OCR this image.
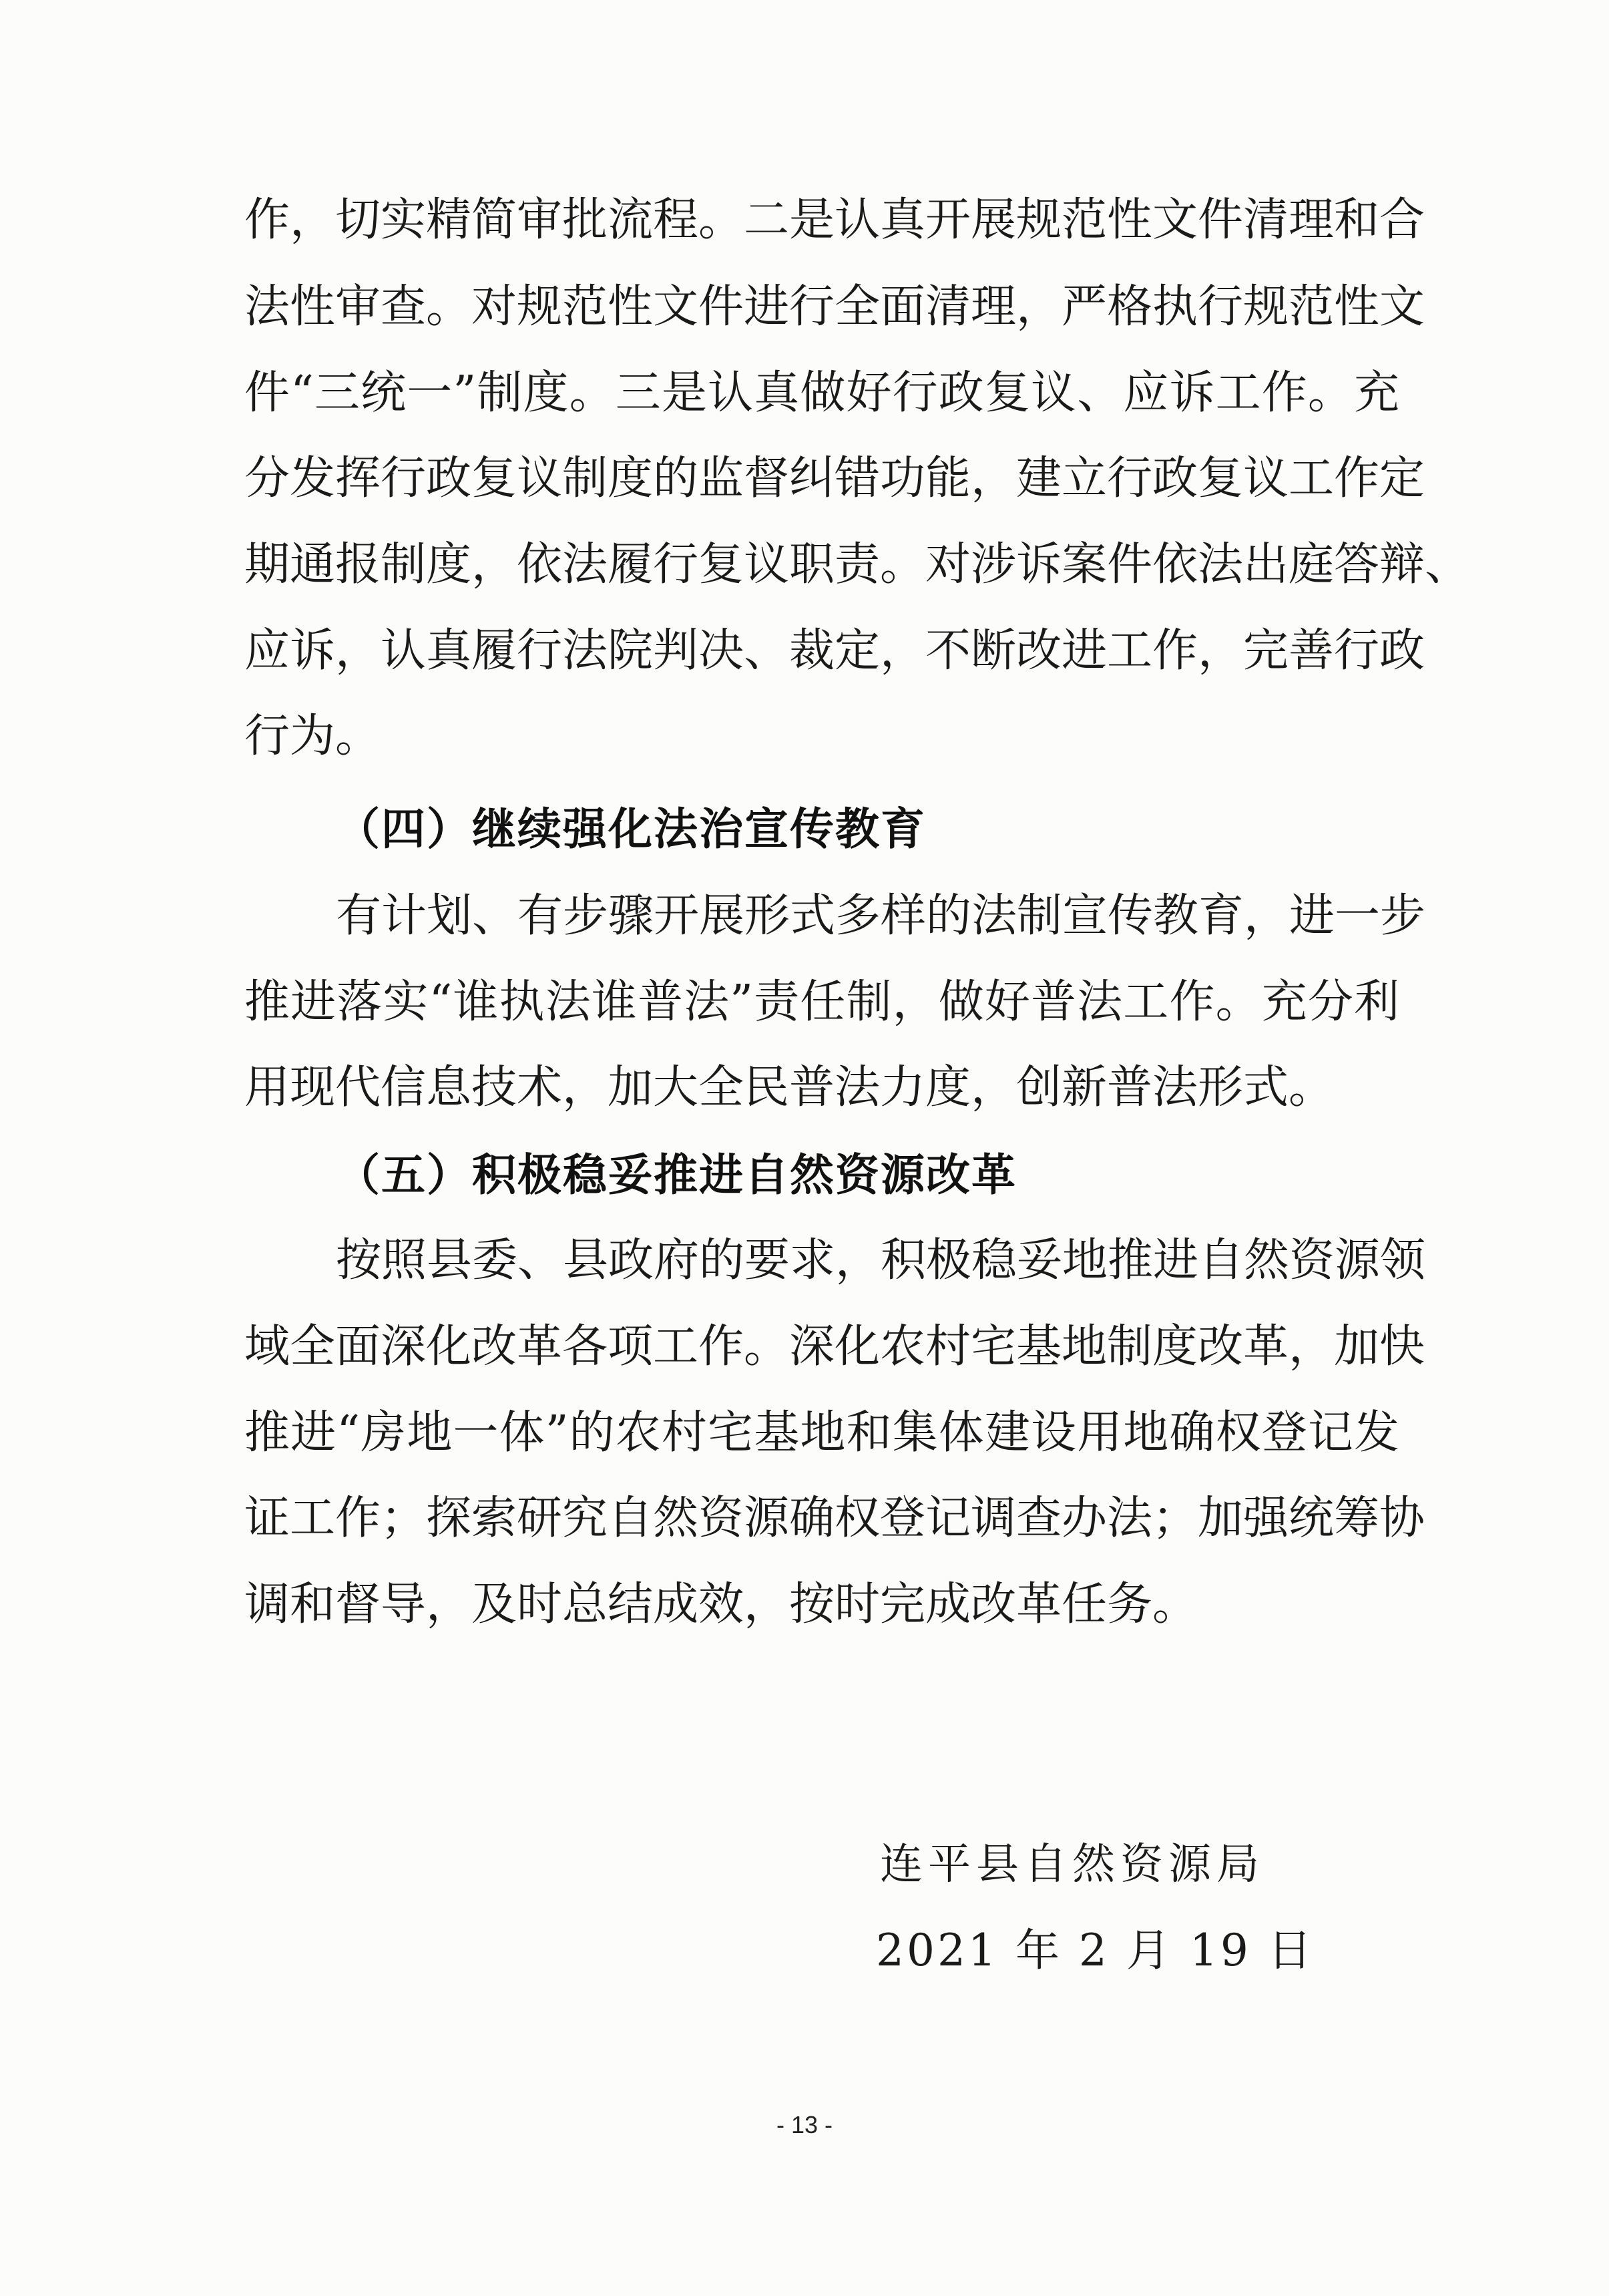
作，切实精简审批流程。二是认真开展规范性文件清理和合
法性审查。对规范性文件进行全面清理，严格执行规范性文
件“三统一”制度。三是认真做好行政复议、应诉工作。充
分发挥行政复议制度的监督纠错功能，建立行政复议工作定
期通报制度，依法履行复议职责。对涉诉案件依法出庭答辩、
应诉，认真履行法院判决、裁定，不断改进工作，完善行政
行为。
（四）继续强化法治宣传教育
有计划、有步骤开展形式多样的法制宣传教育，进一步
推进落实“谁执法谁普法”责任制，做好普法工作。充分利
用现代信息技术，加大全民普法力度，创新普法形式。
（五）积极稳妥推进自然资源改革
按照县委、县政府的要求，积极稳妥地推进自然资源领
域全面深化改革各项工作。深化农村宅基地制度改革，加快
推进“房地一体”的农村宅基地和集体建设用地确权登记发
证工作；探索研究自然资源确权登记调查办法；加强统筹协
调和督导，及时总结成效，按时完成改革任务。
连平县自然资源局
2021 年 2 月 19 日
- 13 -
